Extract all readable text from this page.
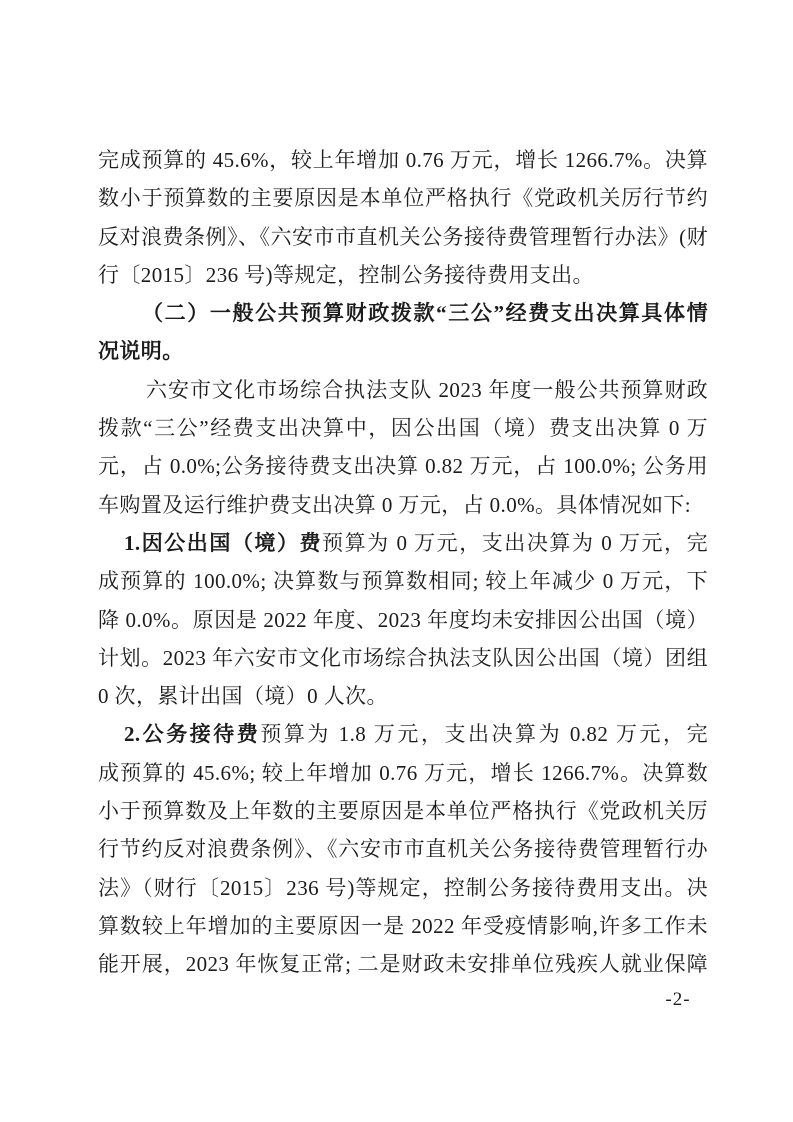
完成预算的 45.6%，较上年增加 0.76 万元，增长 1266.7%。决算
数小于预算数的主要原因是本单位严格执行《党政机关厉行节约
反对浪费条例》、《六安市市直机关公务接待费管理暂行办法》(财
行〔2015〕236 号)等规定，控制公务接待费用支出。
（二）一般公共预算财政拨款“三公”经费支出决算具体情
况说明。
六安市文化市场综合执法支队 2023 年度一般公共预算财政
拨款“三公”经费支出决算中，因公出国（境）费支出决算 0 万
元，占 0.0%;公务接待费支出决算 0.82 万元，占 100.0%; 公务用
车购置及运行维护费支出决算 0 万元，占 0.0%。具体情况如下:
1.因公出国（境）费预算为 0 万元，支出决算为 0 万元，完
成预算的 100.0%; 决算数与预算数相同; 较上年减少 0 万元，下
降 0.0%。原因是 2022 年度、2023 年度均未安排因公出国（境）
计划。2023 年六安市文化市场综合执法支队因公出国（境）团组
0 次，累计出国（境）0 人次。
2.公务接待费预算为 1.8 万元，支出决算为 0.82 万元，完
成预算的 45.6%; 较上年增加 0.76 万元，增长 1266.7%。决算数
小于预算数及上年数的主要原因是本单位严格执行《党政机关厉
行节约反对浪费条例》、《六安市市直机关公务接待费管理暂行办
法》（财行〔2015〕236 号)等规定，控制公务接待费用支出。决
算数较上年增加的主要原因一是 2022 年受疫情影响,许多工作未
能开展，2023 年恢复正常; 二是财政未安排单位残疾人就业保障
-2-
